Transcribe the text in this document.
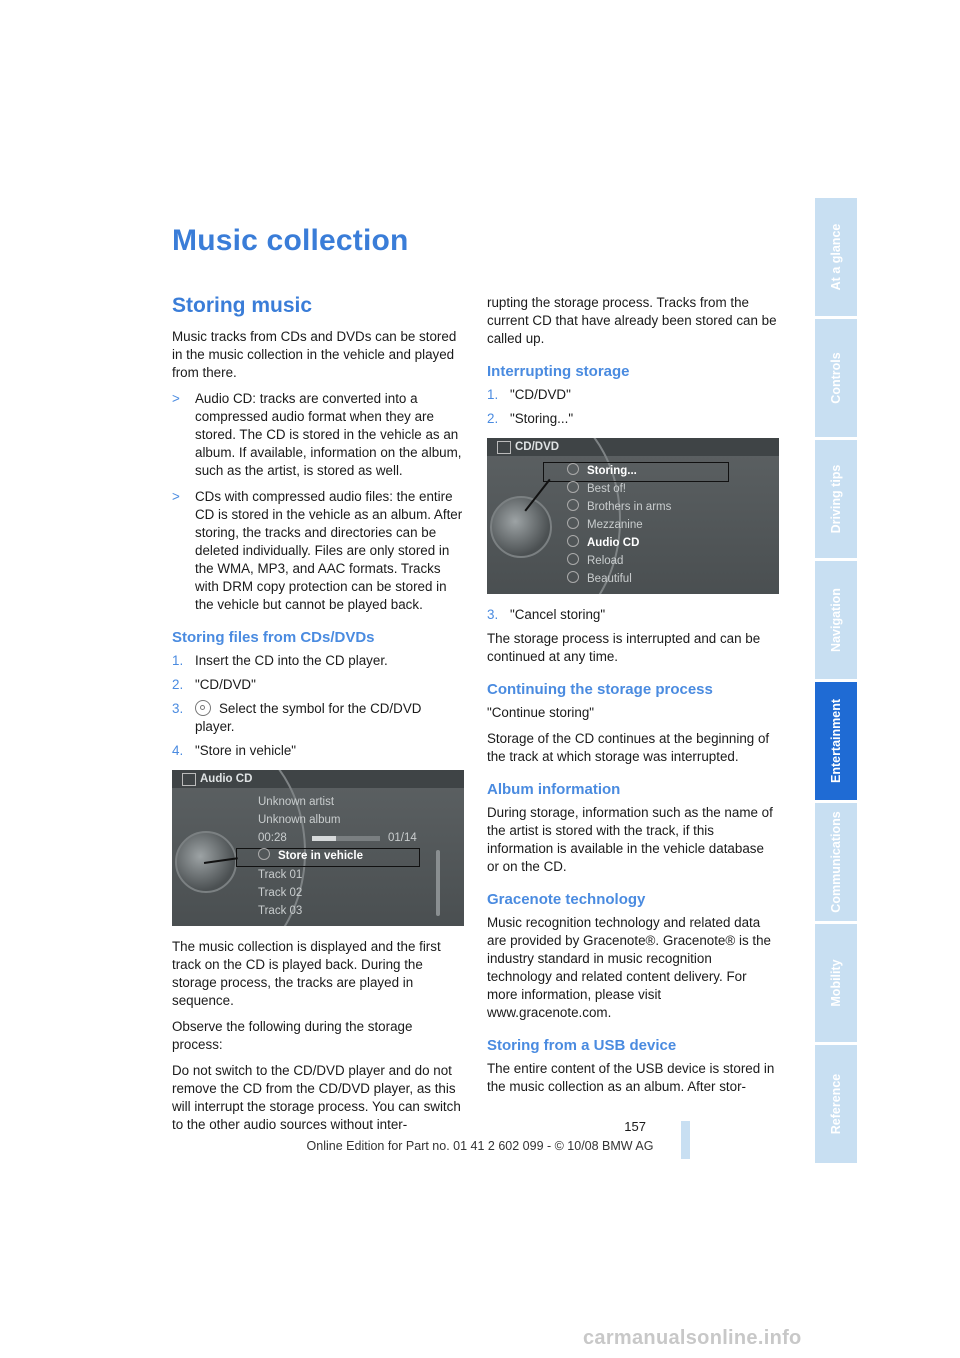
Music collection
Storing music

Music tracks from CDs and DVDs can be stored in the music collection in the vehicle and played from there.

>	Audio CD: tracks are converted into a compressed audio format when they are stored. The CD is stored in the vehicle as an album. If available, information on the album, such as the artist, is stored as well.
>	CDs with compressed audio files: the entire CD is stored in the vehicle as an album. After storing, the tracks and directories can be deleted individually. Files are only stored in the WMA, MP3, and AAC formats. Tracks with DRM copy protection can be stored in the vehicle but cannot be played back.
Storing files from CDs/DVDs
1. Insert the CD into the CD player.
2. "CD/DVD"
3.	Select the symbol for the CD/DVD player.
4. "Store in vehicle"
Audio CD
Unknown artist
Unknown album
00:28	01/14
Store in vehicle
Track 01
Track 02
Track 03

The music collection is displayed and the first track on the CD is played back. During the storage process, the tracks are played in sequence.

Observe the following during the storage process:

Do not switch to the CD/DVD player and do not remove the CD from the CD/DVD player, as this will interrupt the storage process. You can switch to the other audio sources without inter-

rupting the storage process. Tracks from the current CD that have already been stored can be called up.

Interrupting storage
1. "CD/DVD"
2. "Storing..."
CD/DVD
Storing...
Best of!
Brothers in arms
Mezzanine
Audio CD
Reload
Beautiful
3. "Cancel storing"

The storage process is interrupted and can be continued at any time.

Continuing the storage process

"Continue storing"

Storage of the CD continues at the beginning of the track at which storage was interrupted.

Album information

During storage, information such as the name of the artist is stored with the track, if this information is available in the vehicle database or on the CD.

Gracenote technology

Music recognition technology and related data are provided by Gracenote®. Gracenote® is the industry standard in music recognition technology and related content delivery. For more information, please visit www.gracenote.com.

Storing from a USB device

The entire content of the USB device is stored in the music collection as an album. After stor-

At a glance
Controls
Driving tips
Navigation
Entertainment
Communications
Mobility
Reference
157
Online Edition for Part no. 01 41 2 602 099 - © 10/08 BMW AG
carmanualsonline.info
